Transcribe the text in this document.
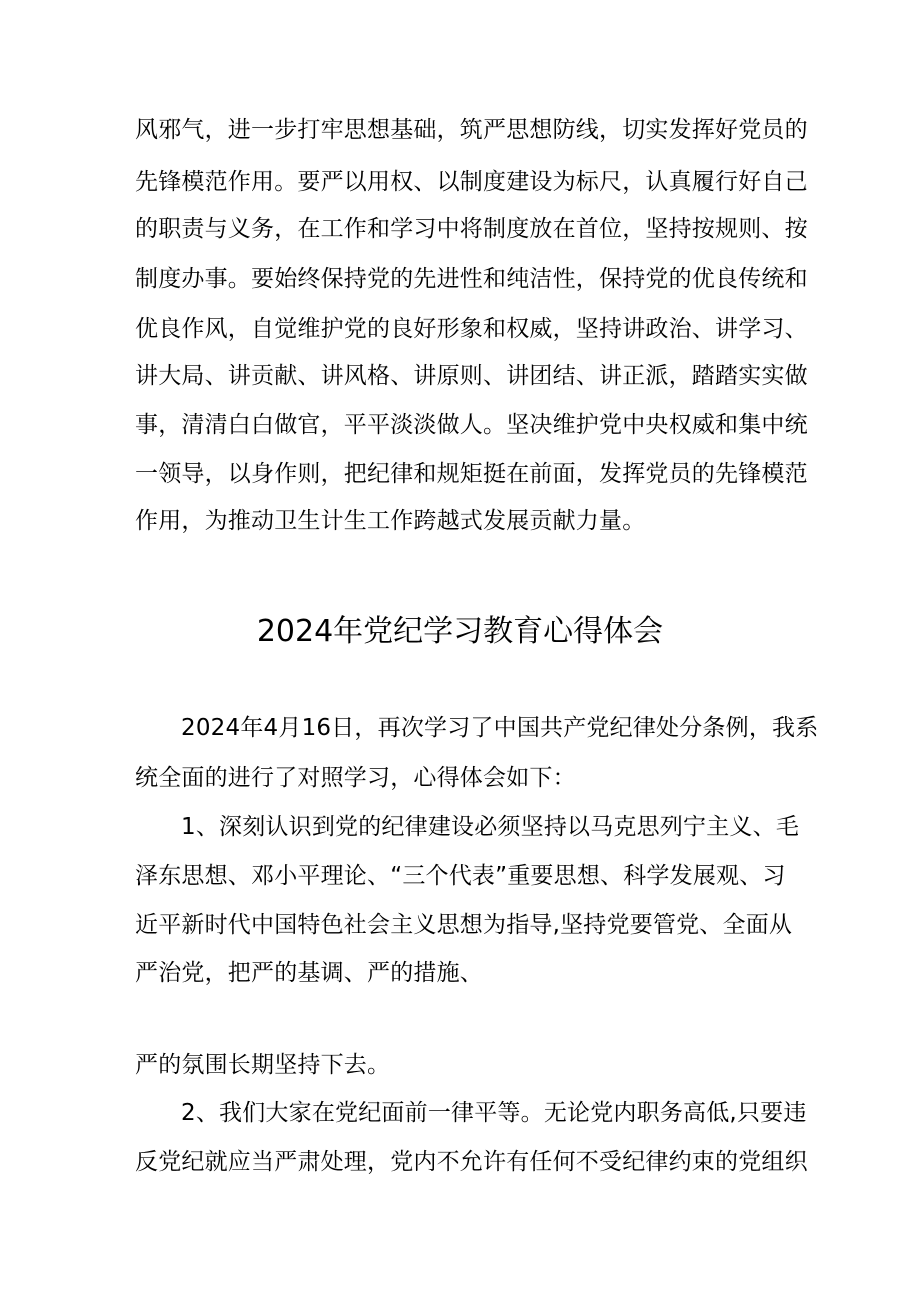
风邪气，进一步打牢思想基础，筑严思想防线，切实发挥好党员的

先锋模范作用。要严以用权、以制度建设为标尺，认真履行好自己

的职责与义务，在工作和学习中将制度放在首位，坚持按规则、按

制度办事。要始终保持党的先进性和纯洁性，保持党的优良传统和

优良作风，自觉维护党的良好形象和权威，坚持讲政治、讲学习、

讲大局、讲贡献、讲风格、讲原则、讲团结、讲正派，踏踏实实做

事，清清白白做官，平平淡淡做人。坚决维护党中央权威和集中统

一领导，以身作则，把纪律和规矩挺在前面，发挥党员的先锋模范

作用，为推动卫生计生工作跨越式发展贡献力量。

2024年党纪学习教育心得体会

2024年4月16日，再次学习了中国共产党纪律处分条例，我系

统全面的进行了对照学习，心得体会如下：

1、深刻认识到党的纪律建设必须坚持以马克思列宁主义、毛

泽东思想、邓小平理论、“三个代表”重要思想、科学发展观、习

近平新时代中国特色社会主义思想为指导,坚持党要管党、全面从

严治党，把严的基调、严的措施、

严的氛围长期坚持下去。

2、我们大家在党纪面前一律平等。无论党内职务高低,只要违

反党纪就应当严肃处理，党内不允许有任何不受纪律约束的党组织
